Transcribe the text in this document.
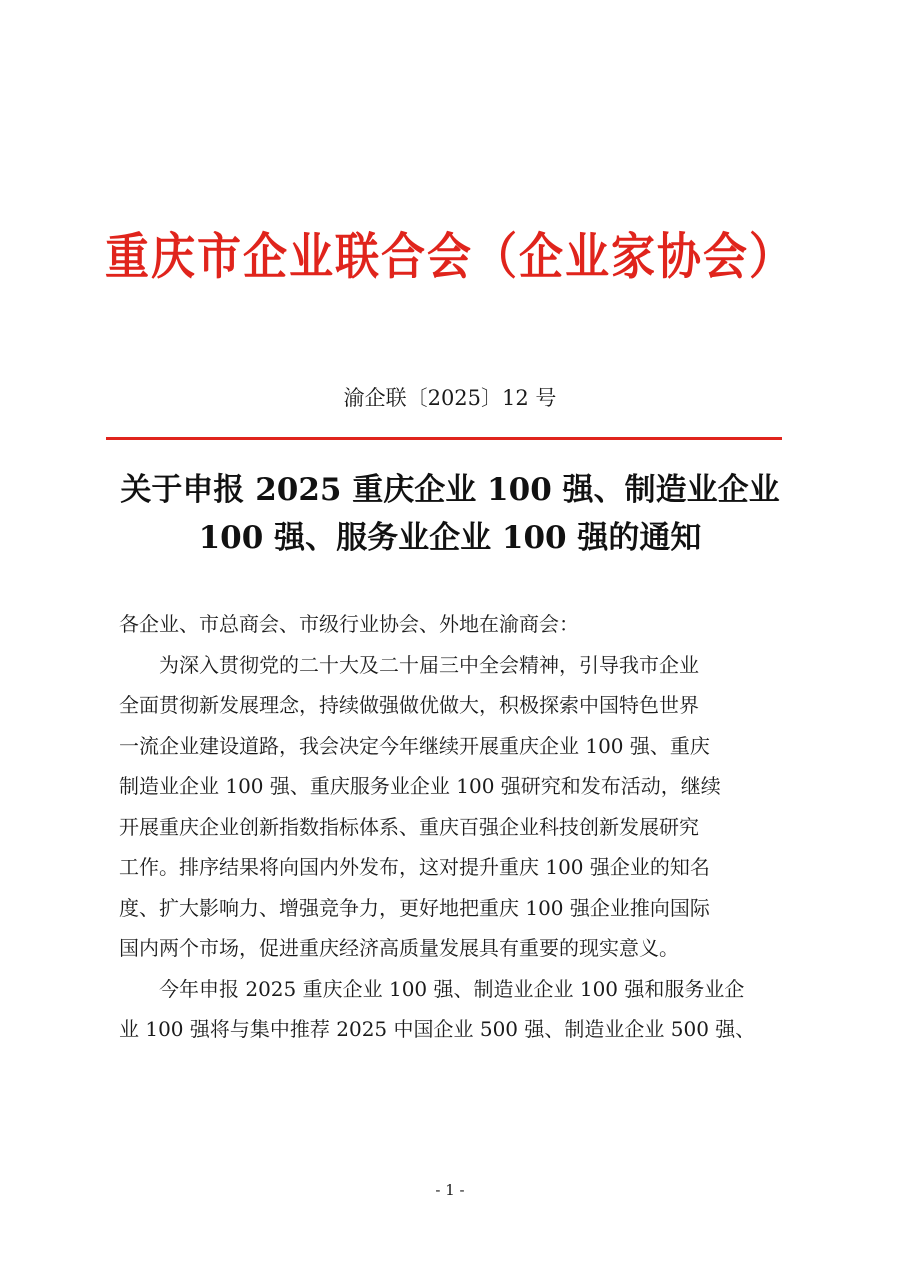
重庆市企业联合会（企业家协会）
渝企联〔2025〕12 号
关于申报 2025 重庆企业 100 强、制造业企业
100 强、服务业企业 100 强的通知
各企业、市总商会、市级行业协会、外地在渝商会：
　　为深入贯彻党的二十大及二十届三中全会精神，引导我市企业
全面贯彻新发展理念，持续做强做优做大，积极探索中国特色世界
一流企业建设道路，我会决定今年继续开展重庆企业 100 强、重庆
制造业企业 100 强、重庆服务业企业 100 强研究和发布活动，继续
开展重庆企业创新指数指标体系、重庆百强企业科技创新发展研究
工作。排序结果将向国内外发布，这对提升重庆 100 强企业的知名
度、扩大影响力、增强竞争力，更好地把重庆 100 强企业推向国际
国内两个市场，促进重庆经济高质量发展具有重要的现实意义。
　　今年申报 2025 重庆企业 100 强、制造业企业 100 强和服务业企
业 100 强将与集中推荐 2025 中国企业 500 强、制造业企业 500 强、
- 1 -
